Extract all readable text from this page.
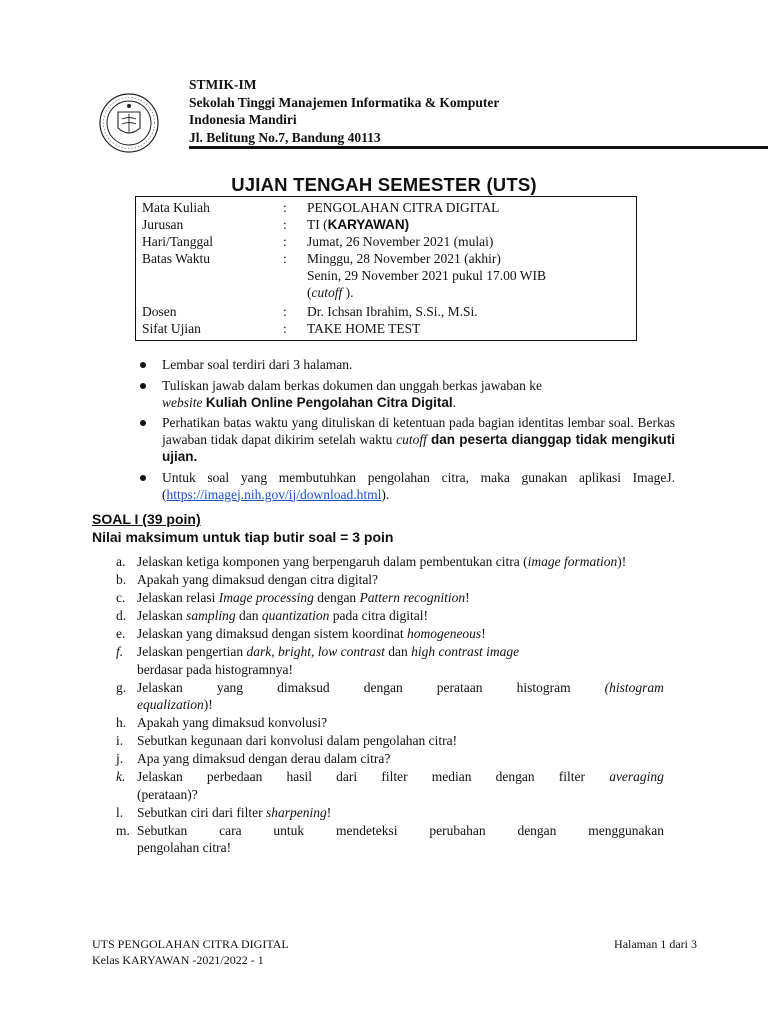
STMIK-IM
Sekolah Tinggi Manajemen Informatika & Komputer
Indonesia Mandiri
Jl. Belitung No.7, Bandung 40113
UJIAN TENGAH SEMESTER (UTS)
Mata Kuliah	: PENGOLAHAN CITRA DIGITAL
Jurusan	: TI (KARYAWAN)
Hari/Tanggal	: Jumat, 26 November 2021 (mulai)
Batas Waktu	: Minggu, 28 November 2021 (akhir)
Senin, 29 November 2021 pukul 17.00 WIB
(cutoff ).
Dosen	: Dr. Ichsan Ibrahim, S.Si., M.Si.
Sifat Ujian	: TAKE HOME TEST
Lembar soal terdiri dari 3 halaman.
Tuliskan jawab dalam berkas dokumen dan unggah berkas jawaban ke
website Kuliah Online Pengolahan Citra Digital.
Perhatikan batas waktu yang dituliskan di ketentuan pada bagian identitas lembar soal. Berkas jawaban tidak dapat dikirim setelah waktu cutoff dan peserta dianggap tidak mengikuti ujian.
Untuk soal yang membutuhkan pengolahan citra, maka gunakan aplikasi ImageJ. (https://imagej.nih.gov/ij/download.html).
SOAL I (39 poin)
Nilai maksimum untuk tiap butir soal = 3 poin
a. Jelaskan ketiga komponen yang berpengaruh dalam pembentukan citra (image formation)!
b. Apakah yang dimaksud dengan citra digital?
c. Jelaskan relasi Image processing dengan Pattern recognition!
d. Jelaskan sampling dan quantization pada citra digital!
e. Jelaskan yang dimaksud dengan sistem koordinat homogeneous!
f. Jelaskan pengertian dark, bright, low contrast dan high contrast image
berdasar pada histogramnya!
g. Jelaskan	yang	dimaksud	dengan	perataan	histogram	(histogram
equalization)!
h. Apakah yang dimaksud konvolusi?
i. Sebutkan kegunaan dari konvolusi dalam pengolahan citra!
j. Apa yang dimaksud dengan derau dalam citra?
k. Jelaskan perbedaan hasil dari filter median dengan filter averaging
(perataan)?
l. Sebutkan ciri dari filter sharpening!
m. Sebutkan cara untuk mendeteksi perubahan dengan menggunakan
pengolahan citra!
UTS PENGOLAHAN CITRA DIGITAL
Kelas KARYAWAN -2021/2022 - 1
Halaman 1 dari 3
